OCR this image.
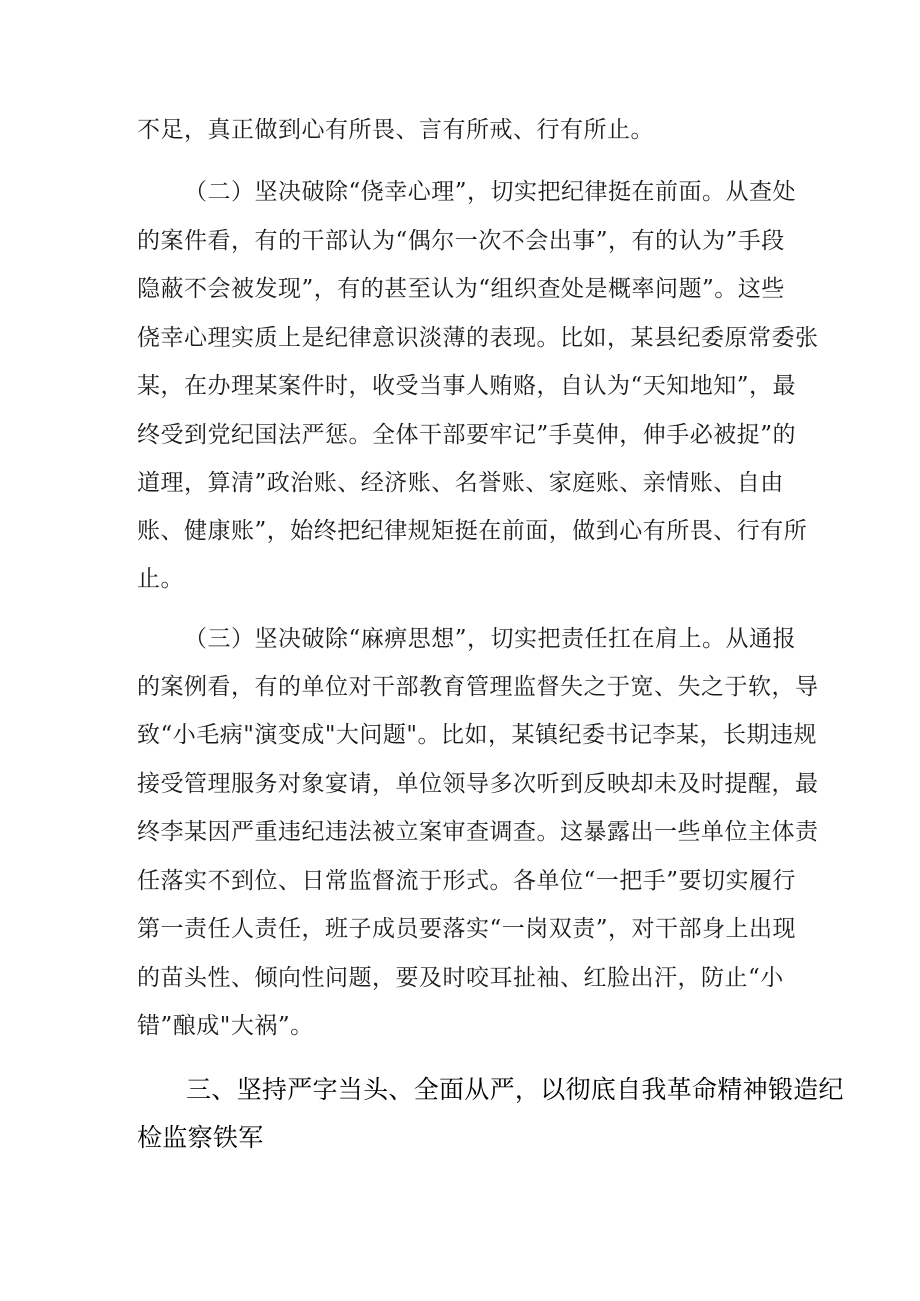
不足，真正做到心有所畏、言有所戒、行有所止。
（二）坚决破除“侥幸心理”，切实把纪律挺在前面。从查处
的案件看，有的干部认为“偶尔一次不会出事”，有的认为”手段
隐蔽不会被发现”，有的甚至认为“组织查处是概率问题”。这些
侥幸心理实质上是纪律意识淡薄的表现。比如，某县纪委原常委张
某，在办理某案件时，收受当事人贿赂，自认为“天知地知”，最
终受到党纪国法严惩。全体干部要牢记”手莫伸，伸手必被捉”的
道理，算清”政治账、经济账、名誉账、家庭账、亲情账、自由
账、健康账”，始终把纪律规矩挺在前面，做到心有所畏、行有所
止。
（三）坚决破除“麻痹思想”，切实把责任扛在肩上。从通报
的案例看，有的单位对干部教育管理监督失之于宽、失之于软，导
致“小毛病"演变成"大问题"。比如，某镇纪委书记李某，长期违规
接受管理服务对象宴请，单位领导多次听到反映却未及时提醒，最
终李某因严重违纪违法被立案审查调查。这暴露出一些单位主体责
任落实不到位、日常监督流于形式。各单位“一把手”要切实履行
第一责任人责任，班子成员要落实“一岗双责”，对干部身上出现
的苗头性、倾向性问题，要及时咬耳扯袖、红脸出汗，防止“小
错”酿成"大祸”。
三、坚持严字当头、全面从严，以彻底自我革命精神锻造纪
检监察铁军
